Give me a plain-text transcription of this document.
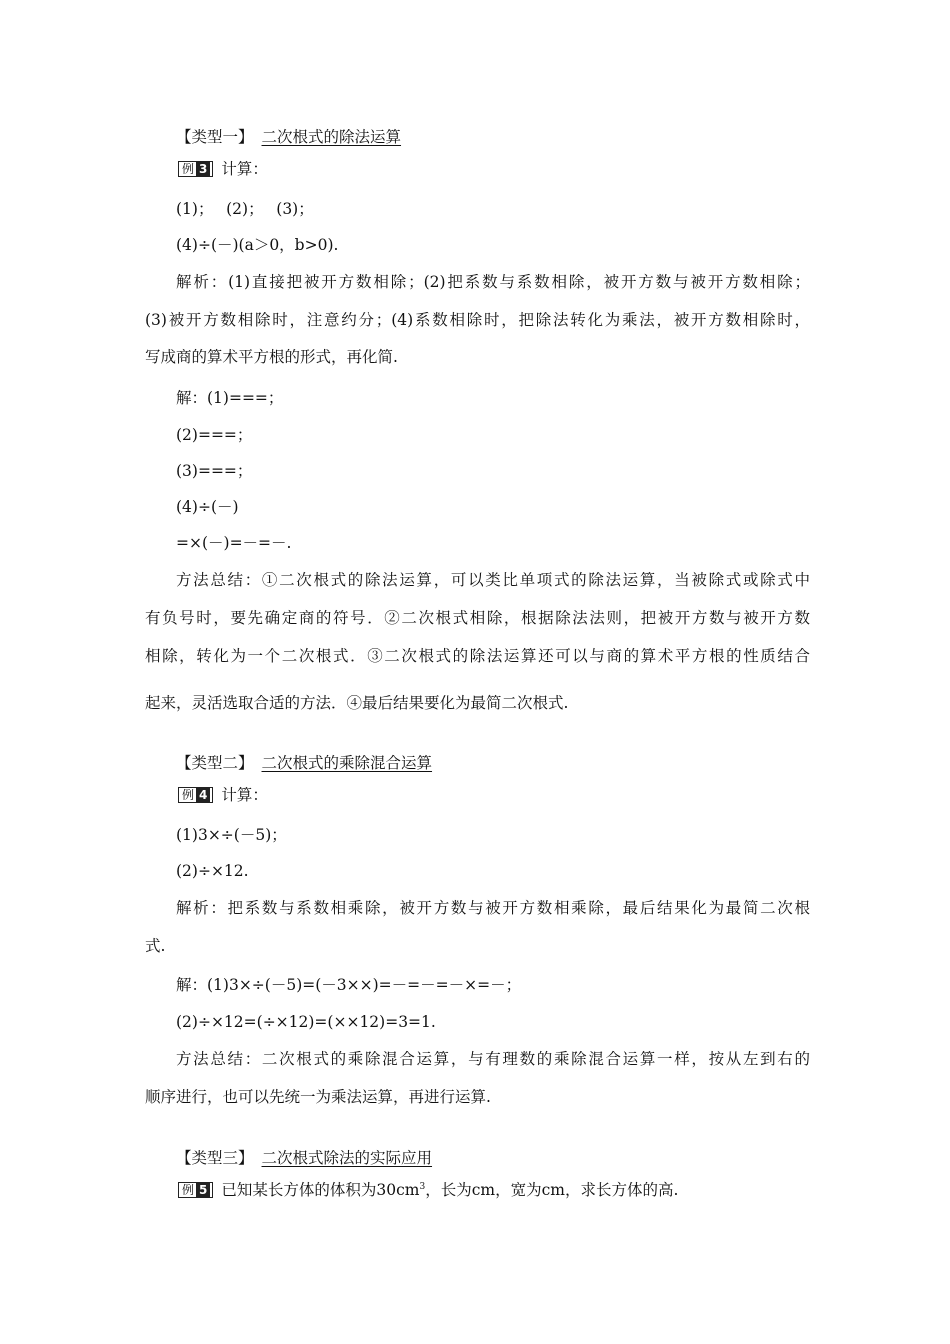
【类型一】 二次根式的除法运算
例 3 计算：
(1)；　 (2)；　 (3)；
(4)÷(－)(a＞0，b>0).
解析：(1)直接把被开方数相除；(2)把系数与系数相除，被开方数与被开方数相除；
(3)被开方数相除时，注意约分；(4)系数相除时，把除法转化为乘法，被开方数相除时，
写成商的算术平方根的形式，再化简.
解：(1)===；
(2)===；
(3)===；
(4)÷(－)
=×(－)=－=－.
方法总结：①二次根式的除法运算，可以类比单项式的除法运算，当被除式或除式中
有负号时，要先确定商的符号．②二次根式相除，根据除法法则，把被开方数与被开方数
相除，转化为一个二次根式．③二次根式的除法运算还可以与商的算术平方根的性质结合
起来，灵活选取合适的方法．④最后结果要化为最简二次根式.
【类型二】 二次根式的乘除混合运算
例 4 计算：
(1)3×÷(－5)；
(2)÷×12.
解析：把系数与系数相乘除，被开方数与被开方数相乘除，最后结果化为最简二次根
式.
解：(1)3×÷(－5)=(－3××)=－=－=－×=－；
(2)÷×12=(÷×12)=(××12)=3=1.
方法总结：二次根式的乘除混合运算，与有理数的乘除混合运算一样，按从左到右的
顺序进行，也可以先统一为乘法运算，再进行运算.
【类型三】 二次根式除法的实际应用
例 5 已知某长方体的体积为$30cm^3$，长为cm，宽为cm，求长方体的高.
